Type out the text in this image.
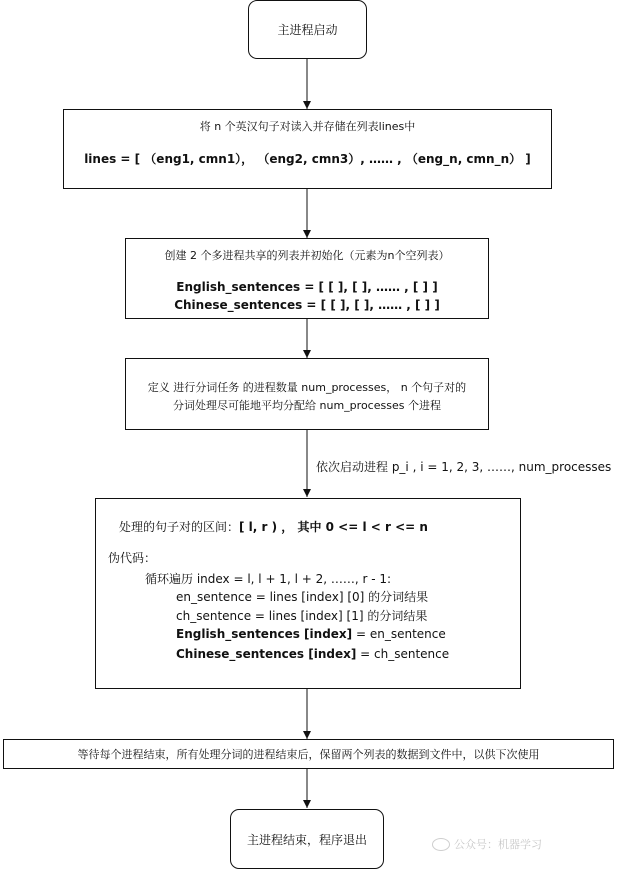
主进程启动
将 n 个英汉句子对读入并存储在列表lines中
lines = [ （eng1, cmn1）， （eng2, cmn3）, …… , （eng_n, cmn_n） ]
创建 2 个多进程共享的列表并初始化（元素为n个空列表）
English_sentences = [ [ ], [ ], …… , [ ] ]
Chinese_sentences = [ [ ], [ ], …… , [ ] ]
定义 进行分词任务 的进程数量 num_processes， n 个句子对的
分词处理尽可能地平均分配给 num_processes 个进程
依次启动进程 p_i , i = 1, 2, 3, ……, num_processes
处理的句子对的区间：[ l, r ) ， 其中 0 <= l < r <= n
伪代码：
循环遍历 index = l, l + 1, l + 2, ……, r - 1:
en_sentence = lines [index] [0] 的分词结果
ch_sentence = lines [index] [1] 的分词结果
English_sentences [index] = en_sentence
Chinese_sentences [index] = ch_sentence
等待每个进程结束，所有处理分词的进程结束后，保留两个列表的数据到文件中，以供下次使用
主进程结束，程序退出	公众号：机器学习
